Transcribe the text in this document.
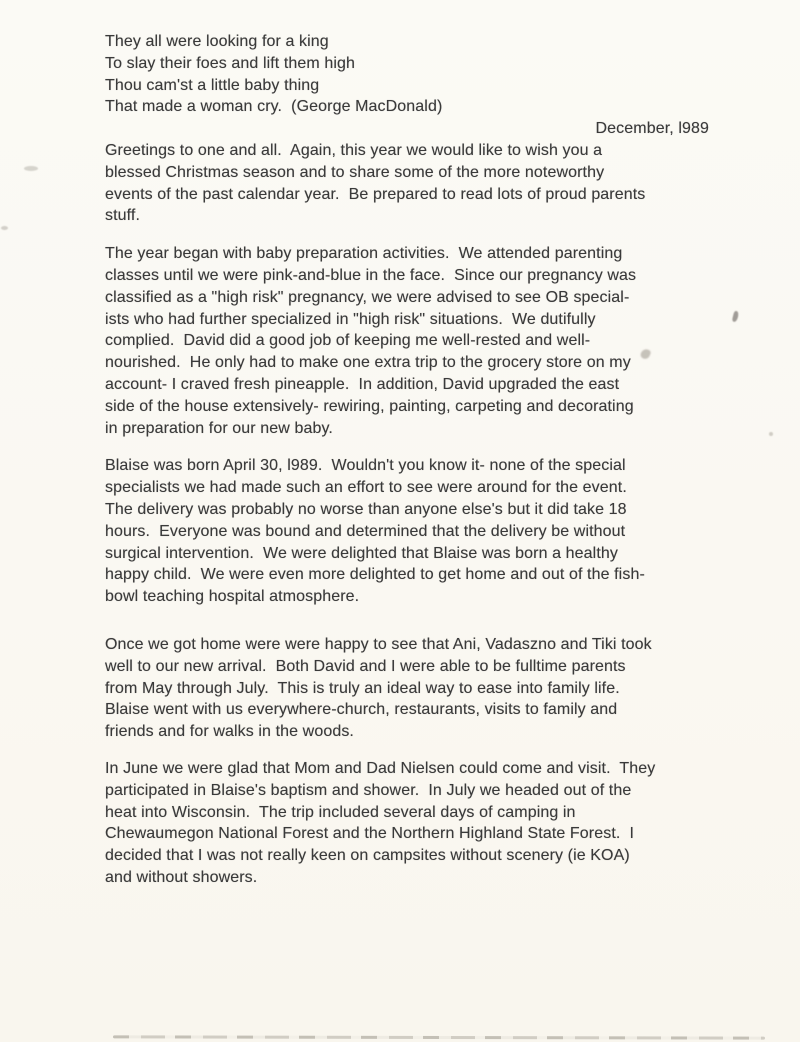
They all were looking for a king
To slay their foes and lift them high
Thou cam'st a little baby thing
That made a woman cry.  (George MacDonald)
December, l989
Greetings to one and all.  Again, this year we would like to wish you a
blessed Christmas season and to share some of the more noteworthy
events of the past calendar year.  Be prepared to read lots of proud parents
stuff.
The year began with baby preparation activities.  We attended parenting
classes until we were pink-and-blue in the face.  Since our pregnancy was
classified as a "high risk" pregnancy, we were advised to see OB special-
ists who had further specialized in "high risk" situations.  We dutifully
complied.  David did a good job of keeping me well-rested and well-
nourished.  He only had to make one extra trip to the grocery store on my
account- I craved fresh pineapple.  In addition, David upgraded the east
side of the house extensively- rewiring, painting, carpeting and decorating
in preparation for our new baby.
Blaise was born April 30, l989.  Wouldn't you know it- none of the special
specialists we had made such an effort to see were around for the event.
The delivery was probably no worse than anyone else's but it did take 18
hours.  Everyone was bound and determined that the delivery be without
surgical intervention.  We were delighted that Blaise was born a healthy
happy child.  We were even more delighted to get home and out of the fish-
bowl teaching hospital atmosphere.
Once we got home were were happy to see that Ani, Vadaszno and Tiki took
well to our new arrival.  Both David and I were able to be fulltime parents
from May through July.  This is truly an ideal way to ease into family life.
Blaise went with us everywhere-church, restaurants, visits to family and
friends and for walks in the woods.
In June we were glad that Mom and Dad Nielsen could come and visit.  They
participated in Blaise's baptism and shower.  In July we headed out of the
heat into Wisconsin.  The trip included several days of camping in
Chewaumegon National Forest and the Northern Highland State Forest.  I
decided that I was not really keen on campsites without scenery (ie KOA)
and without showers.
